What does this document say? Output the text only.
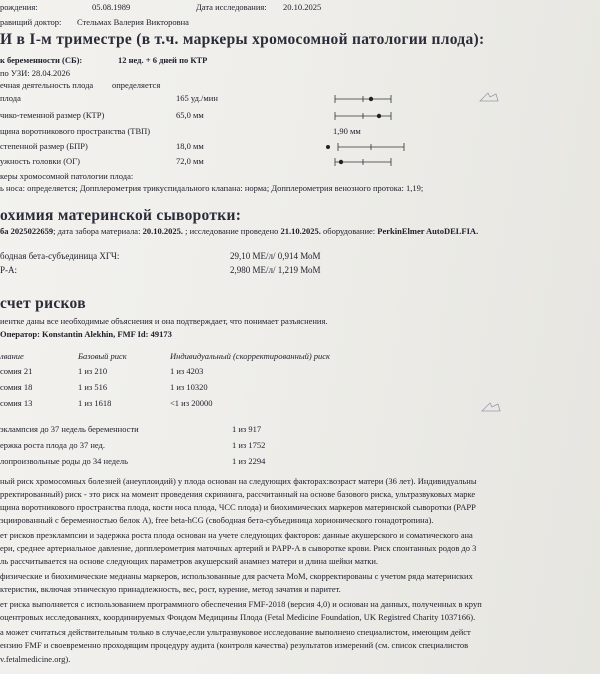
рождения:	05.08.1989	Дата исследования: 20.10.2025
равищий доктор: Стельмах Валерия Викторовна
И в I-м триместре (в т.ч. маркеры хромосомной патологии плода):
к беременности (СБ):	12 нед. + 6 дней по КТР
по УЗИ: 28.04.2026
ечная деятельность плода определяется
плода	165 уд./мин
чико-теменной размер (КТР)	65,0 мм
щина воротникового пространства (ТВП)	1,90 мм
степенной размер (БПР)	18,0 мм
ужность головки (ОГ)	72,0 мм
керы хромосомной патологии плода:
ь носа: определяется; Допплерометрия трикуспидального клапана: норма; Допплерометрия венозного протока: 1,19;
охимия материнской сыворотки:
ба 2025022659; дата забора материала: 20.10.2025. ; исследование проведено 21.10.2025. оборудование: PerkinElmer AutoDELFIA.
бодная бета-субъединица ХГЧ:	29,10 МЕ/л/ 0,914 МоМ
P-A:	2,980 МЕ/л/ 1,219 МоМ
счет рисков
иентке даны все необходимые объяснения и она подтверждает, что понимает разъяснения.
Оператор: Konstantin Alekhin, FMF Id: 49173
лвание	Базовый риск	Индивидуальный (скорректированный) риск
сомия 21	1 из 210	1 из 4203
сомия 18	1 из 516	1 из 10320
сомия 13	1 из 1618	<1 из 20000
эклампсия до 37 недель беременности	1 из 917
ержка роста плода до 37 нед.	1 из 1752
лопроизвольные роды до 34 недель	1 из 2294
ный риск хромосомных болезней (анеуплоидий) у плода основан на следующих факторах:возраст матери (36 лет). Индивидуальны
рректированный) риск - это риск на момент проведения скрининга, рассчитанный на основе базового риска, ультразвуковых марке
щина воротникового пространства плода, кости носа плода, ЧСС плода) и биохимических маркеров материнской сыворотки (PAPP
эциированный с беременностью белок А), free beta-hCG (свободная бета-субъединица хорионического гонадотропина).
ет рисков преэклампсии и задержка роста плода основан на учете следующих факторов: данные акушерского и соматического ана
ери, среднее артериальное давление, допплерометрия маточных артерий и PAPP-A в сыворотке крови. Риск спонтанных родов до 3
ль рассчитывается на основе следующих параметров акушерский анамнез матери и длина шейки матки.
физические и биохимические медианы маркеров, использованные для расчета МоМ, скорректированы с учетом ряда материнских
ктеристик, включая этническую принадлежность, вес, рост, курение, метод зачатия и паритет.
ет риска выполняется с использованием программного обеспечения FMF-2018 (версия 4,0) и основан на данных, полученных в круп
оцентровых исследованиях, координируемых Фондом Медицины Плода (Fetal Medicine Foundation, UK Registred Charity 1037166).
а может считаться действительным только в случае,если ультразвуковое исследование выполнено специалистом, имеющим дейст
ензию FMF и своевременно проходящим процедуру аудита (контроля качества) результатов измерений (см. список специалистов
v.fetalmedicine.org).
